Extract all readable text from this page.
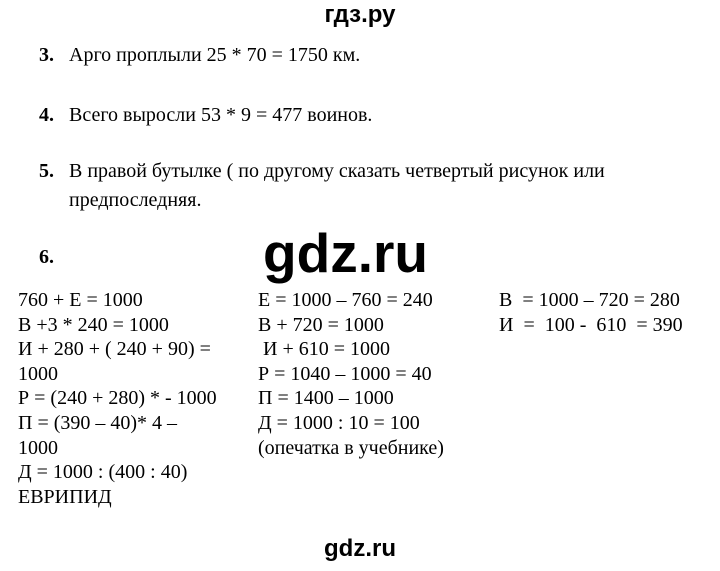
гдз.ру
3. Арго проплыли 25 * 70 = 1750 км.
4. Всего выросли 53 * 9 = 477 воинов.
5. В правой бутылке ( по другому сказать четвертый рисунок или предпоследняя.
6.	gdz.ru
760 + Е = 1000
В +3 * 240 = 1000
И + 280 + ( 240 + 90) =
1000
Р = (240 + 280) * - 1000
П = (390 – 40)* 4 –
1000
Д = 1000 : (400 : 40)
ЕВРИПИД
Е = 1000 – 760 = 240
В + 720 = 1000
И + 610 = 1000
Р = 1040 – 1000 = 40
П = 1400 – 1000
Д = 1000 : 10 = 100
(опечатка в учебнике)
В  = 1000 – 720 = 280
И  =  100 -  610  = 390
gdz.ru
